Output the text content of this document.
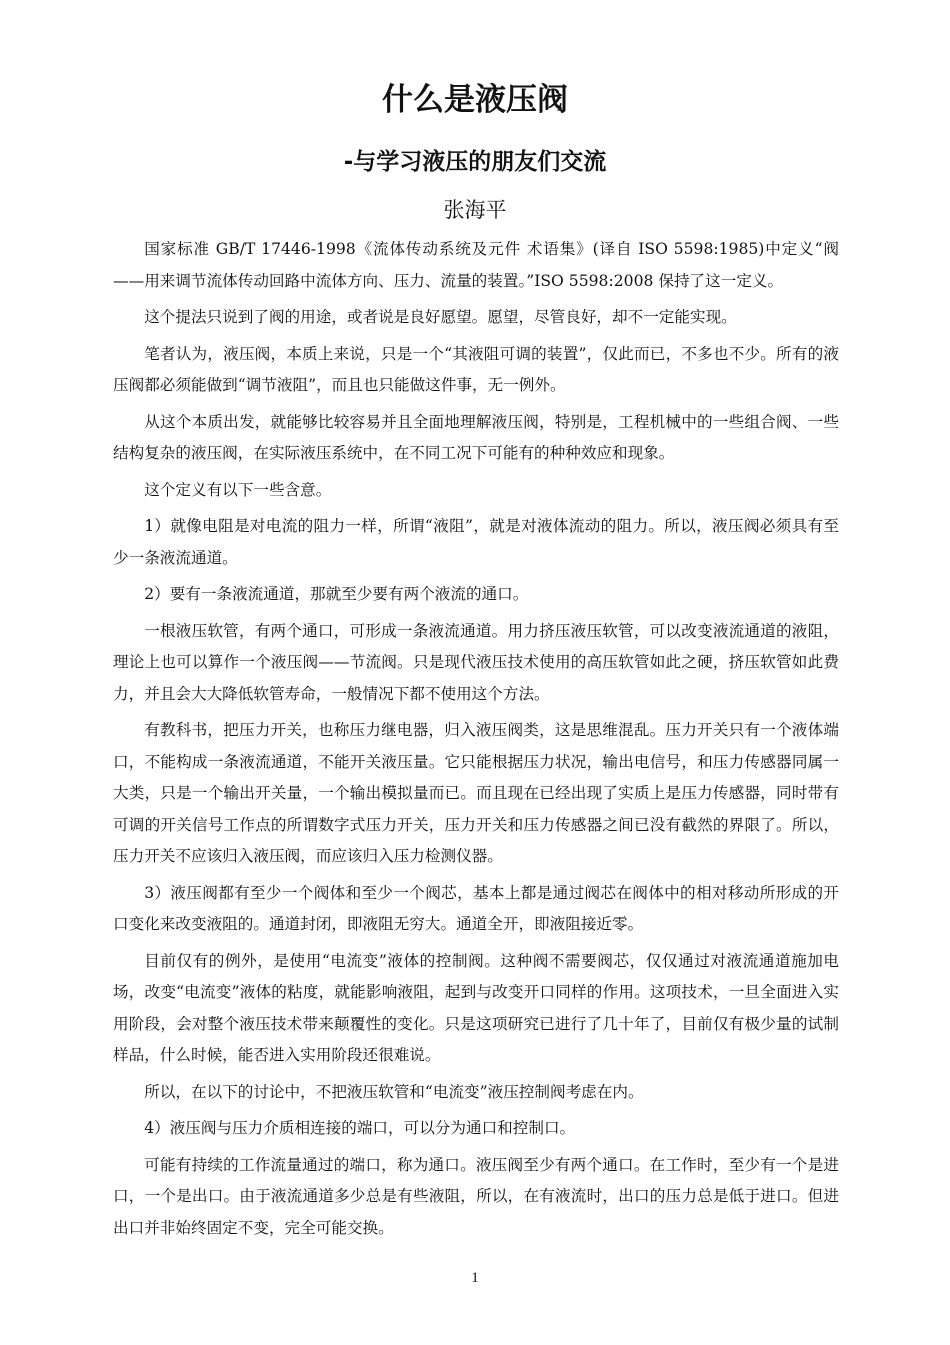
什么是液压阀
-与学习液压的朋友们交流
张海平

国家标准 GB/T 17446-1998《流体传动系统及元件 术语集》(译自 ISO 5598:1985)中定义“阀——用来调节流体传动回路中流体方向、压力、流量的装置。”ISO 5598:2008 保持了这一定义。

这个提法只说到了阀的用途，或者说是良好愿望。愿望，尽管良好，却不一定能实现。

笔者认为，液压阀，本质上来说，只是一个“其液阻可调的装置”，仅此而已，不多也不少。所有的液压阀都必须能做到“调节液阻”，而且也只能做这件事，无一例外。

从这个本质出发，就能够比较容易并且全面地理解液压阀，特别是，工程机械中的一些组合阀、一些结构复杂的液压阀，在实际液压系统中，在不同工况下可能有的种种效应和现象。

这个定义有以下一些含意。

1）就像电阻是对电流的阻力一样，所谓“液阻”，就是对液体流动的阻力。所以，液压阀必须具有至少一条液流通道。

2）要有一条液流通道，那就至少要有两个液流的通口。

一根液压软管，有两个通口，可形成一条液流通道。用力挤压液压软管，可以改变液流通道的液阻，理论上也可以算作一个液压阀——节流阀。只是现代液压技术使用的高压软管如此之硬，挤压软管如此费力，并且会大大降低软管寿命，一般情况下都不使用这个方法。

有教科书，把压力开关，也称压力继电器，归入液压阀类，这是思维混乱。压力开关只有一个液体端口，不能构成一条液流通道，不能开关液压量。它只能根据压力状况，输出电信号，和压力传感器同属一大类，只是一个输出开关量，一个输出模拟量而已。而且现在已经出现了实质上是压力传感器，同时带有可调的开关信号工作点的所谓数字式压力开关，压力开关和压力传感器之间已没有截然的界限了。所以，压力开关不应该归入液压阀，而应该归入压力检测仪器。

3）液压阀都有至少一个阀体和至少一个阀芯，基本上都是通过阀芯在阀体中的相对移动所形成的开口变化来改变液阻的。通道封闭，即液阻无穷大。通道全开，即液阻接近零。

目前仅有的例外，是使用“电流变”液体的控制阀。这种阀不需要阀芯，仅仅通过对液流通道施加电场，改变“电流变”液体的粘度，就能影响液阻，起到与改变开口同样的作用。这项技术，一旦全面进入实用阶段，会对整个液压技术带来颠覆性的变化。只是这项研究已进行了几十年了，目前仅有极少量的试制样品，什么时候，能否进入实用阶段还很难说。

所以，在以下的讨论中，不把液压软管和“电流变”液压控制阀考虑在内。

4）液压阀与压力介质相连接的端口，可以分为通口和控制口。

可能有持续的工作流量通过的端口，称为通口。液压阀至少有两个通口。在工作时，至少有一个是进口，一个是出口。由于液流通道多少总是有些液阻，所以，在有液流时，出口的压力总是低于进口。但进出口并非始终固定不变，完全可能交换。

1
